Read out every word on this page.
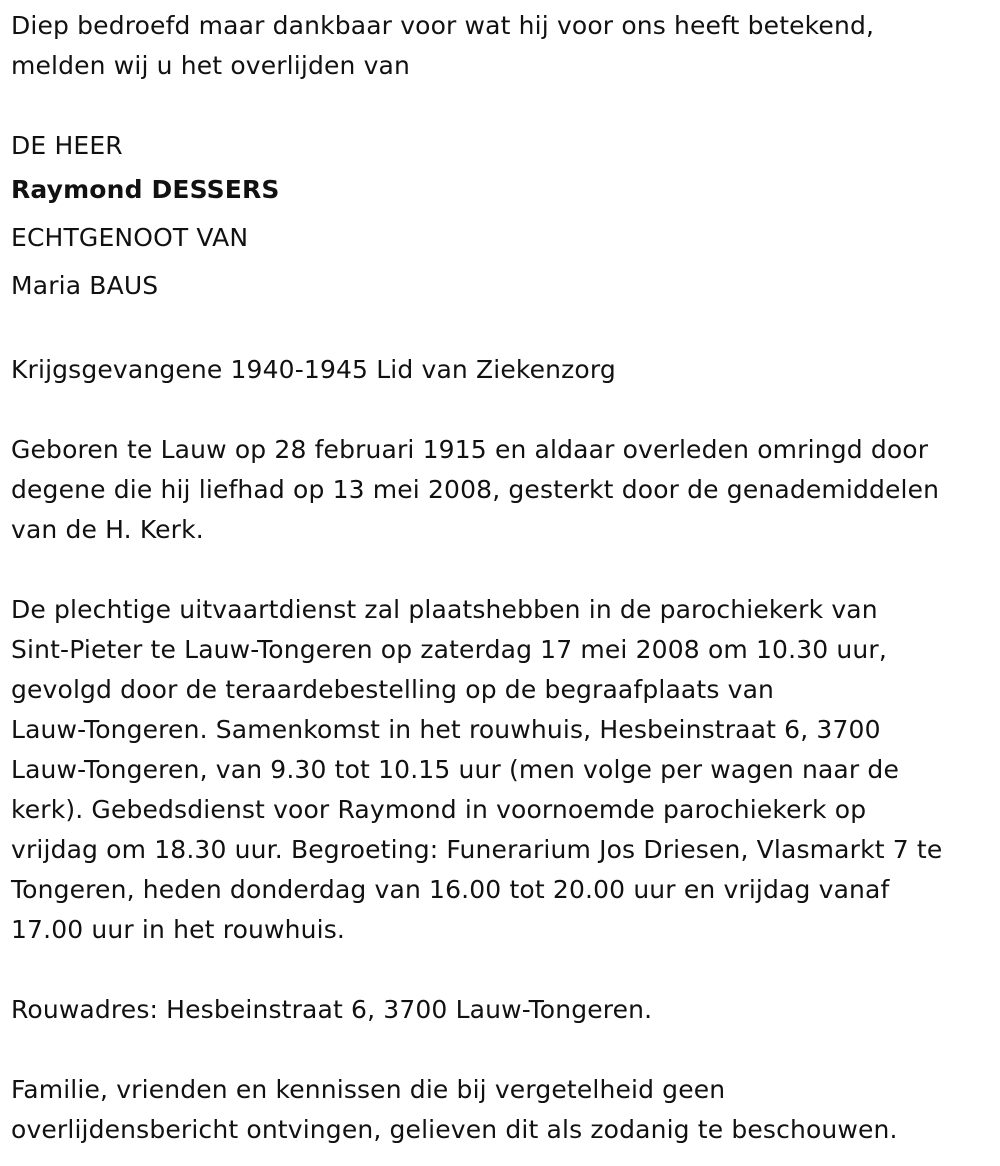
Diep bedroefd maar dankbaar voor wat hij voor ons heeft betekend,
melden wij u het overlijden van
DE HEER
Raymond DESSERS
ECHTGENOOT VAN
Maria BAUS
Krijgsgevangene 1940-1945 Lid van Ziekenzorg
Geboren te Lauw op 28 februari 1915 en aldaar overleden omringd door
degene die hij liefhad op 13 mei 2008, gesterkt door de genademiddelen
van de H. Kerk.
De plechtige uitvaartdienst zal plaatshebben in de parochiekerk van
Sint-Pieter te Lauw-Tongeren op zaterdag 17 mei 2008 om 10.30 uur,
gevolgd door de teraardebestelling op de begraafplaats van
Lauw-Tongeren. Samenkomst in het rouwhuis, Hesbeinstraat 6, 3700
Lauw-Tongeren, van 9.30 tot 10.15 uur (men volge per wagen naar de
kerk). Gebedsdienst voor Raymond in voornoemde parochiekerk op
vrijdag om 18.30 uur. Begroeting: Funerarium Jos Driesen, Vlasmarkt 7 te
Tongeren, heden donderdag van 16.00 tot 20.00 uur en vrijdag vanaf
17.00 uur in het rouwhuis.
Rouwadres: Hesbeinstraat 6, 3700 Lauw-Tongeren.
Familie, vrienden en kennissen die bij vergetelheid geen
overlijdensbericht ontvingen, gelieven dit als zodanig te beschouwen.
